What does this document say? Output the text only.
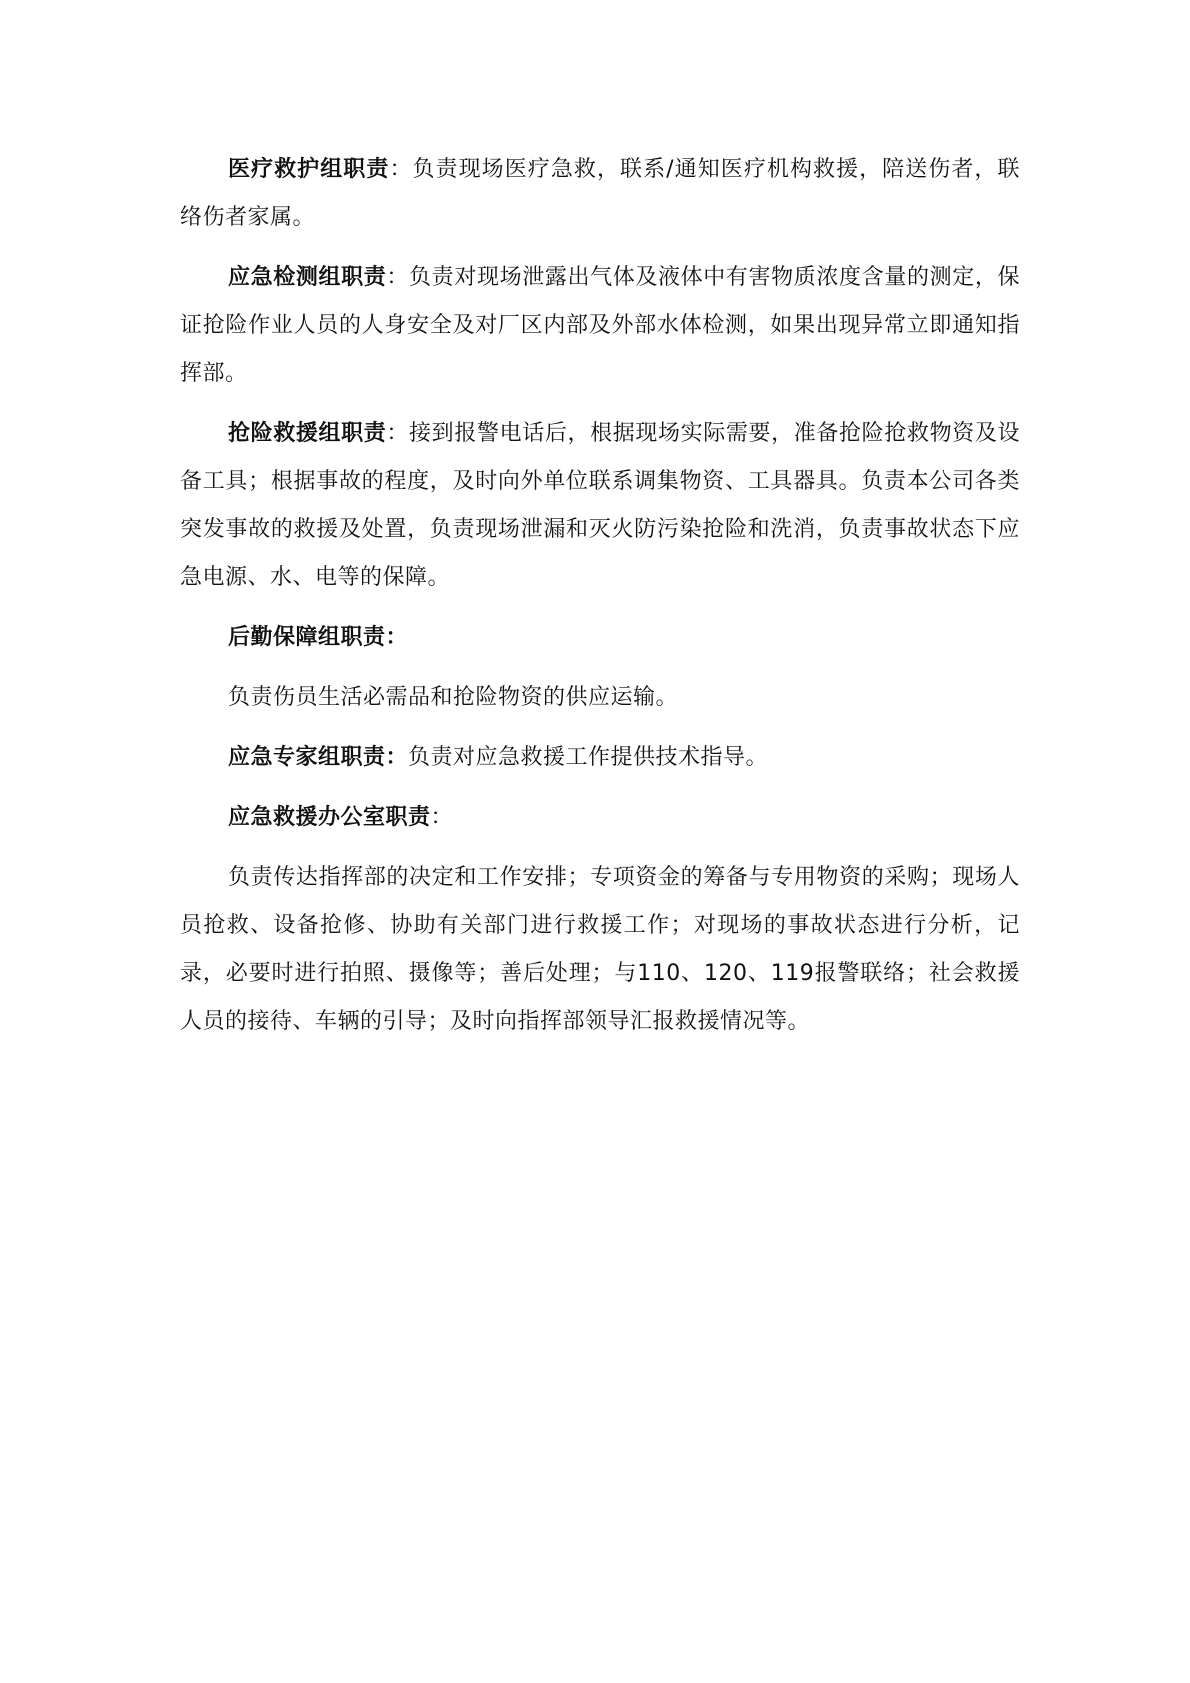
医疗救护组职责：负责现场医疗急救，联系/通知医疗机构救援，陪送伤者，联络伤者家属。

应急检测组职责：负责对现场泄露出气体及液体中有害物质浓度含量的测定，保证抢险作业人员的人身安全及对厂区内部及外部水体检测，如果出现异常立即通知指挥部。

抢险救援组职责：接到报警电话后，根据现场实际需要，准备抢险抢救物资及设备工具；根据事故的程度，及时向外单位联系调集物资、工具器具。负责本公司各类突发事故的救援及处置，负责现场泄漏和灭火防污染抢险和洗消，负责事故状态下应急电源、水、电等的保障。

后勤保障组职责：

负责伤员生活必需品和抢险物资的供应运输。

应急专家组职责：负责对应急救援工作提供技术指导。

应急救援办公室职责：

负责传达指挥部的决定和工作安排；专项资金的筹备与专用物资的采购；现场人员抢救、设备抢修、协助有关部门进行救援工作；对现场的事故状态进行分析，记录，必要时进行拍照、摄像等；善后处理；与110、120、119报警联络；社会救援人员的接待、车辆的引导；及时向指挥部领导汇报救援情况等。
